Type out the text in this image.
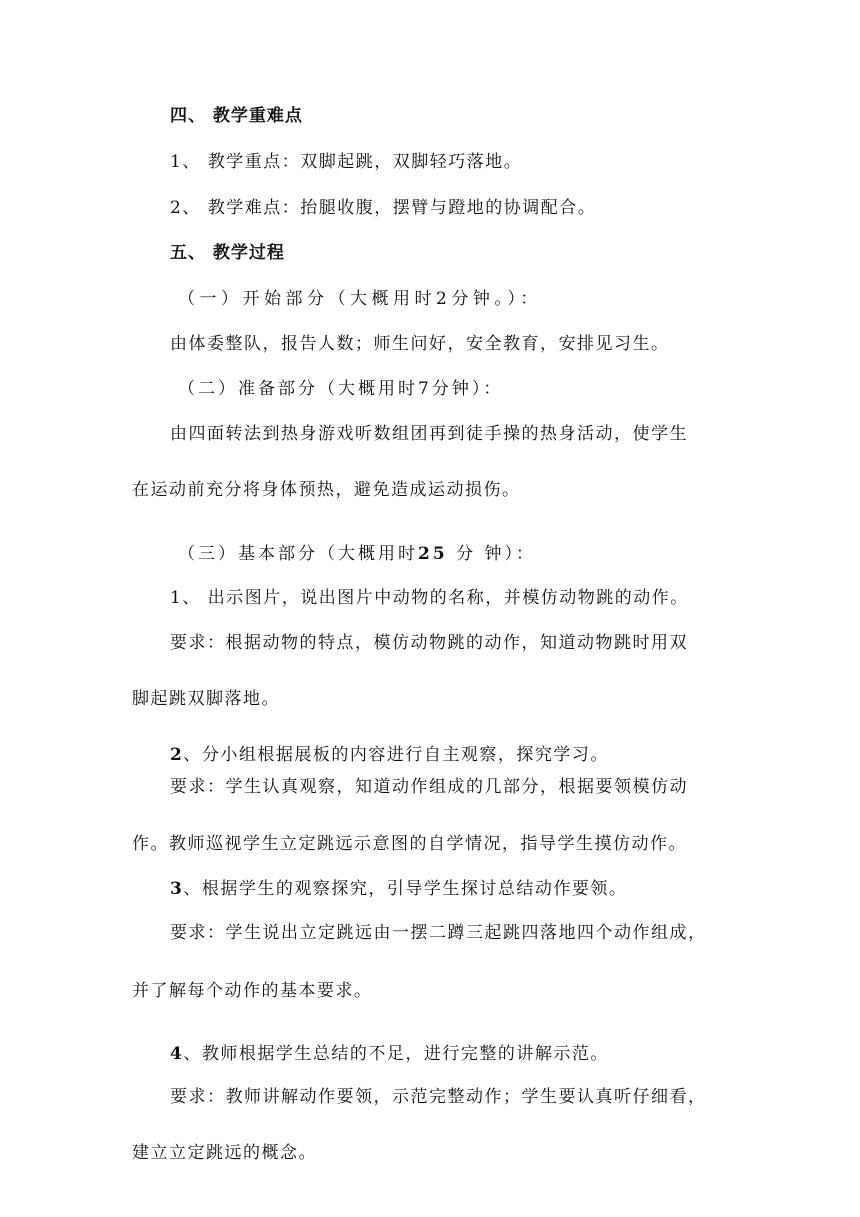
四、 教学重难点
1、 教学重点：双脚起跳，双脚轻巧落地。
2、 教学难点：抬腿收腹，摆臂与蹬地的协调配合。
五、 教学过程
（一）开始部分（大概用时2分钟。）：
由体委整队，报告人数；师生问好，安全教育，安排见习生。
（二）准备部分（大概用时7分钟）：
由四面转法到热身游戏听数组团再到徒手操的热身活动，使学生
在运动前充分将身体预热，避免造成运动损伤。
（三）基本部分（大概用时25 分 钟）：
1、 出示图片，说出图片中动物的名称，并模仿动物跳的动作。
要求：根据动物的特点，模仿动物跳的动作，知道动物跳时用双
脚起跳双脚落地。
2、分小组根据展板的内容进行自主观察，探究学习。
要求：学生认真观察，知道动作组成的几部分，根据要领模仿动
作。教师巡视学生立定跳远示意图的自学情况，指导学生摸仿动作。
3、根据学生的观察探究，引导学生探讨总结动作要领。
要求：学生说出立定跳远由一摆二蹲三起跳四落地四个动作组成，
并了解每个动作的基本要求。
4、教师根据学生总结的不足，进行完整的讲解示范。
要求：教师讲解动作要领，示范完整动作；学生要认真听仔细看，
建立立定跳远的概念。
